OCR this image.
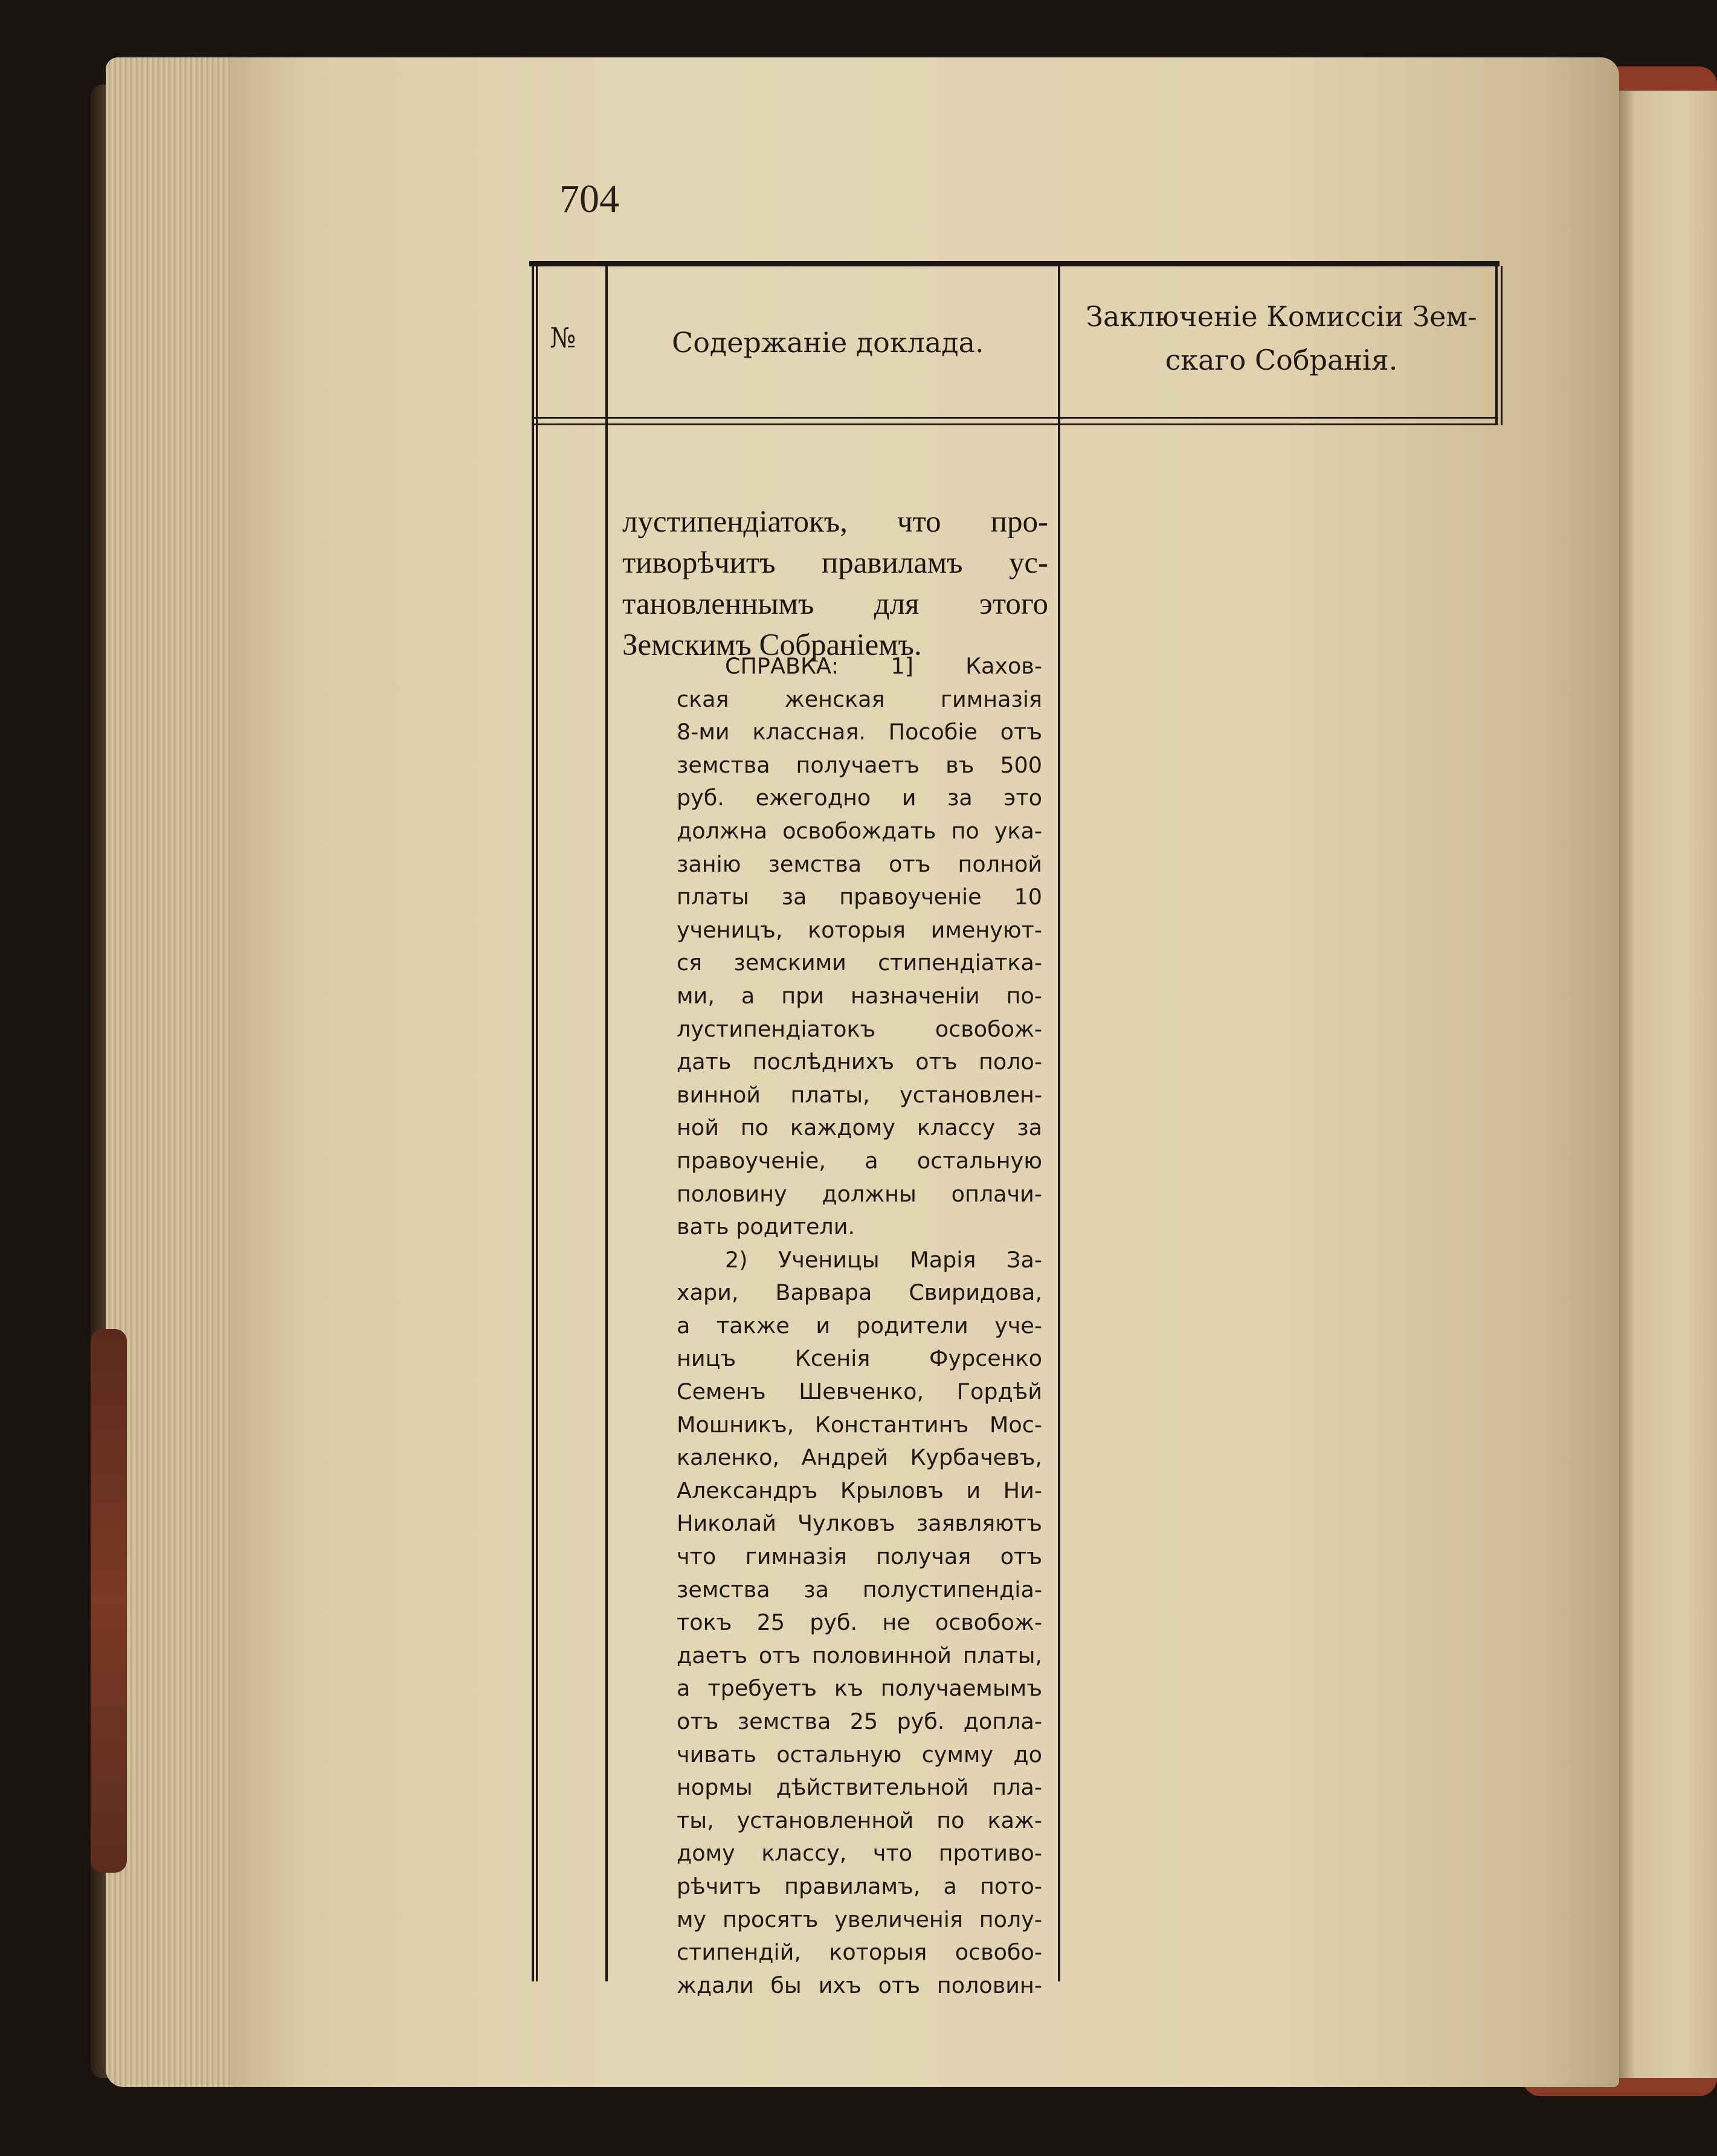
704
№	Содержаніе доклада.
Заключеніе Комиссіи Зем-
скаго Собранія.
лустипендіатокъ, что про-
тиворѣчитъ правиламъ ус-
тановленнымъ для этого
Земскимъ Собраніемъ.
СПРАВКА: 1] Каxов-
ская женская гимназія
8-ми классная. Пособіе отъ
земства получаетъ въ 500
руб. ежегодно и за это
должна освобождать по ука-
занію земства отъ полной
платы за правоученіе 10
ученицъ, которыя именуют-
ся земскими стипендіатка-
ми, а при назначеніи по-
лустипендіатокъ освобож-
дать послѣднихъ отъ поло-
винной платы, установлен-
ной по каждому классу за
правоученіе, а остальную
половину должны оплачи-
вать родители.
2) Ученицы Марія За-
хари, Варвара Свиридова,
а также и родители уче-
ницъ Ксенія Фурсенко
Семенъ Шевченко, Гордѣй
Мошникъ, Константинъ Мос-
каленко, Андрей Курбачевъ,
Александръ Крыловъ и Ни-
Николай Чулковъ заявляютъ
что гимназія получая отъ
земства за полустипендіа-
токъ 25 руб. не освобож-
даетъ отъ половинной платы,
а требуетъ къ получаемымъ
отъ земства 25 руб. допла-
чивать остальную сумму до
нормы дѣйствительной пла-
ты, установленной по каж-
дому классу, что противо-
рѣчитъ правиламъ, а пото-
му просятъ увеличенія полу-
стипендій, которыя освобо-
ждали бы ихъ отъ половин-
